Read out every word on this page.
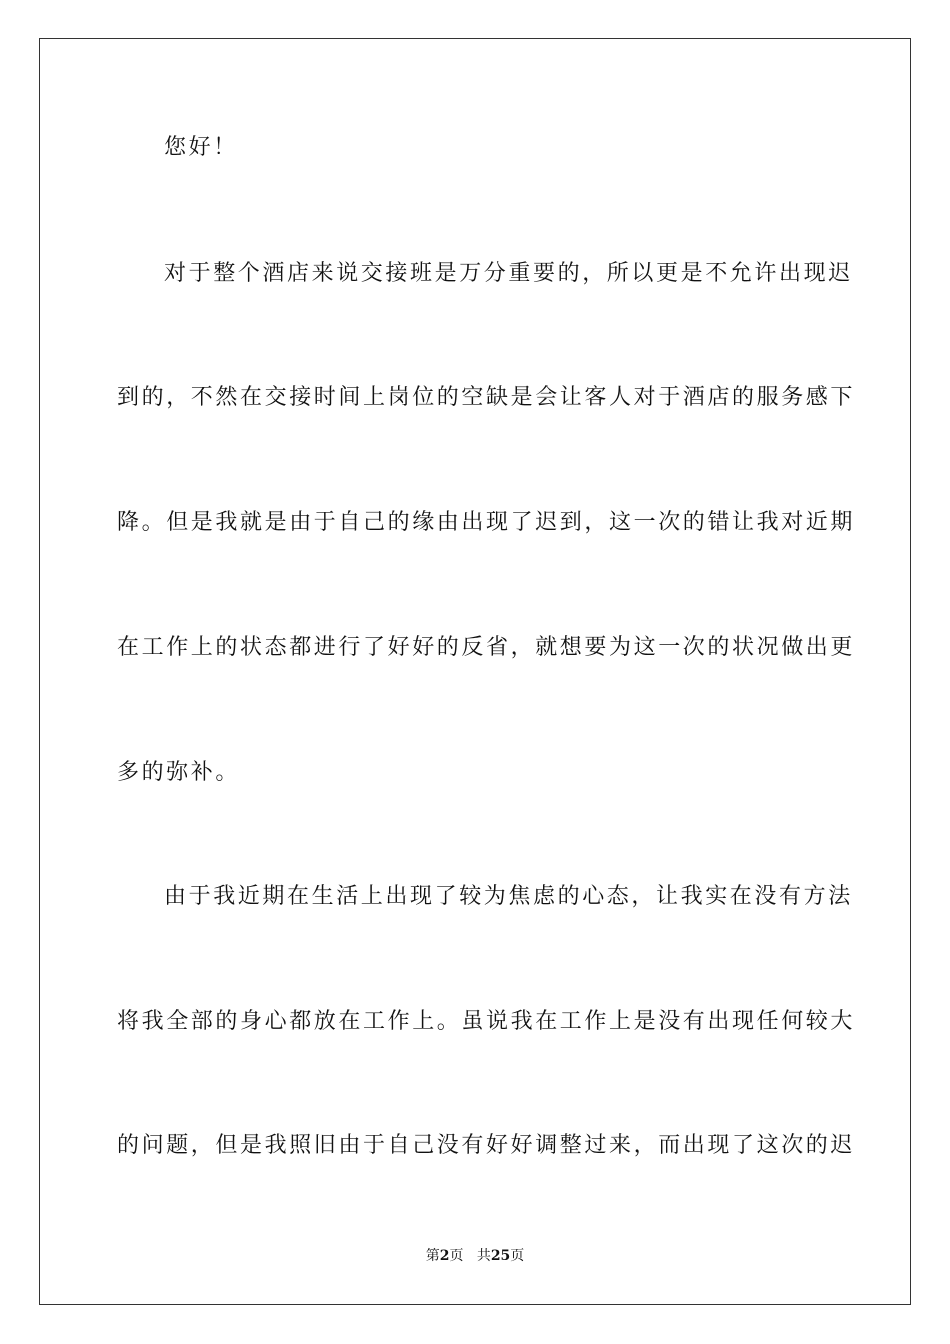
您好！
对于整个酒店来说交接班是万分重要的，所以更是不允许出现迟
到的，不然在交接时间上岗位的空缺是会让客人对于酒店的服务感下
降。但是我就是由于自己的缘由出现了迟到，这一次的错让我对近期
在工作上的状态都进行了好好的反省，就想要为这一次的状况做出更
多的弥补。
由于我近期在生活上出现了较为焦虑的心态，让我实在没有方法
将我全部的身心都放在工作上。虽说我在工作上是没有出现任何较大
的问题，但是我照旧由于自己没有好好调整过来，而出现了这次的迟
第2页 共25页
